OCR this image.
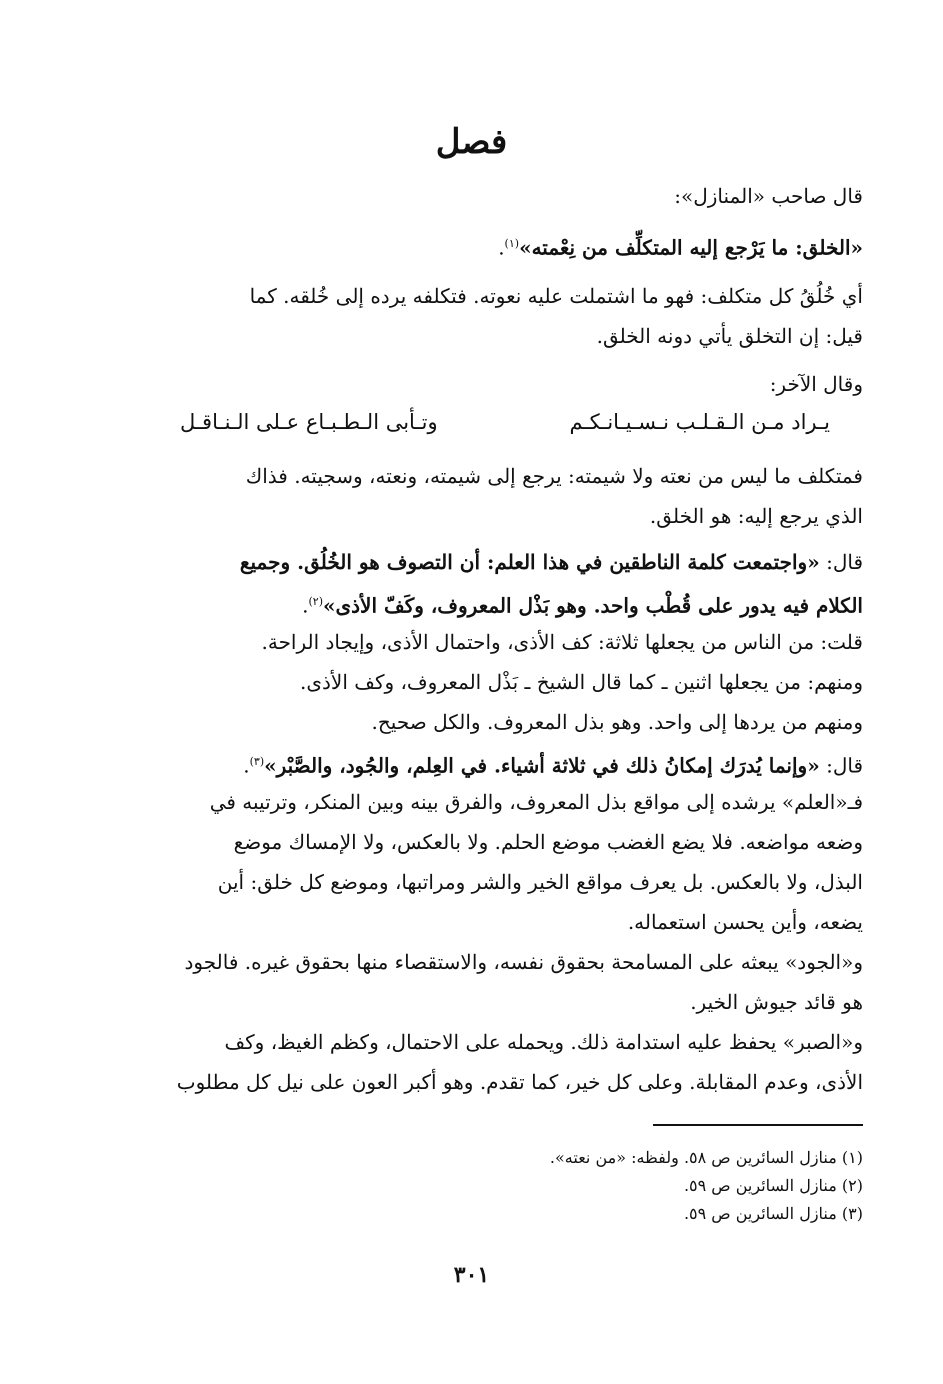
فصل
قال صاحب «المنازل»:
«الخلق: ما يَرْجع إليه المتكلِّف من نِعْمته»$^{(١)}$.
أي خُلُقُ كل متكلف: فهو ما اشتملت عليه نعوته. فتكلفه يرده إلى خُلقه. كما
قيل: إن التخلق يأتي دونه الخلق.
وقال الآخر:
يـراد مـن الـقـلـب نـسـيـانـكـم
وتـأبى الـطـبـاع عـلى الـنـاقـل
فمتكلف ما ليس من نعته ولا شيمته: يرجع إلى شيمته، ونعته، وسجيته. فذاك
الذي يرجع إليه: هو الخلق.
قال: «واجتمعت كلمة الناطقين في هذا العلم: أن التصوف هو الخُلُق. وجميع
الكلام فيه يدور على قُطْب واحد. وهو بَذْل المعروف، وكَفّ الأذى»$^{(٢)}$.
قلت: من الناس من يجعلها ثلاثة: كف الأذى، واحتمال الأذى، وإيجاد الراحة.
ومنهم: من يجعلها اثنين ـ كما قال الشيخ ـ بَذْل المعروف، وكف الأذى.
ومنهم من يردها إلى واحد. وهو بذل المعروف. والكل صحيح.
قال: «وإنما يُدرَك إمكانُ ذلك في ثلاثة أشياء. في العِلم، والجُود، والصَّبْر»$^{(٣)}$.
فـ«العلم» يرشده إلى مواقع بذل المعروف، والفرق بينه وبين المنكر، وترتيبه في
وضعه مواضعه. فلا يضع الغضب موضع الحلم. ولا بالعكس، ولا الإمساك موضع
البذل، ولا بالعكس. بل يعرف مواقع الخير والشر ومراتبها، وموضع كل خلق: أين
يضعه، وأين يحسن استعماله.
و«الجود» يبعثه على المسامحة بحقوق نفسه، والاستقصاء منها بحقوق غيره. فالجود
هو قائد جيوش الخير.
و«الصبر» يحفظ عليه استدامة ذلك. ويحمله على الاحتمال، وكظم الغيظ، وكف
الأذى، وعدم المقابلة. وعلى كل خير، كما تقدم. وهو أكبر العون على نيل كل مطلوب
(١) منازل السائرين ص ٥٨. ولفظه: «من نعته».
(٢) منازل السائرين ص ٥٩.
(٣) منازل السائرين ص ٥٩.
٣٠١
